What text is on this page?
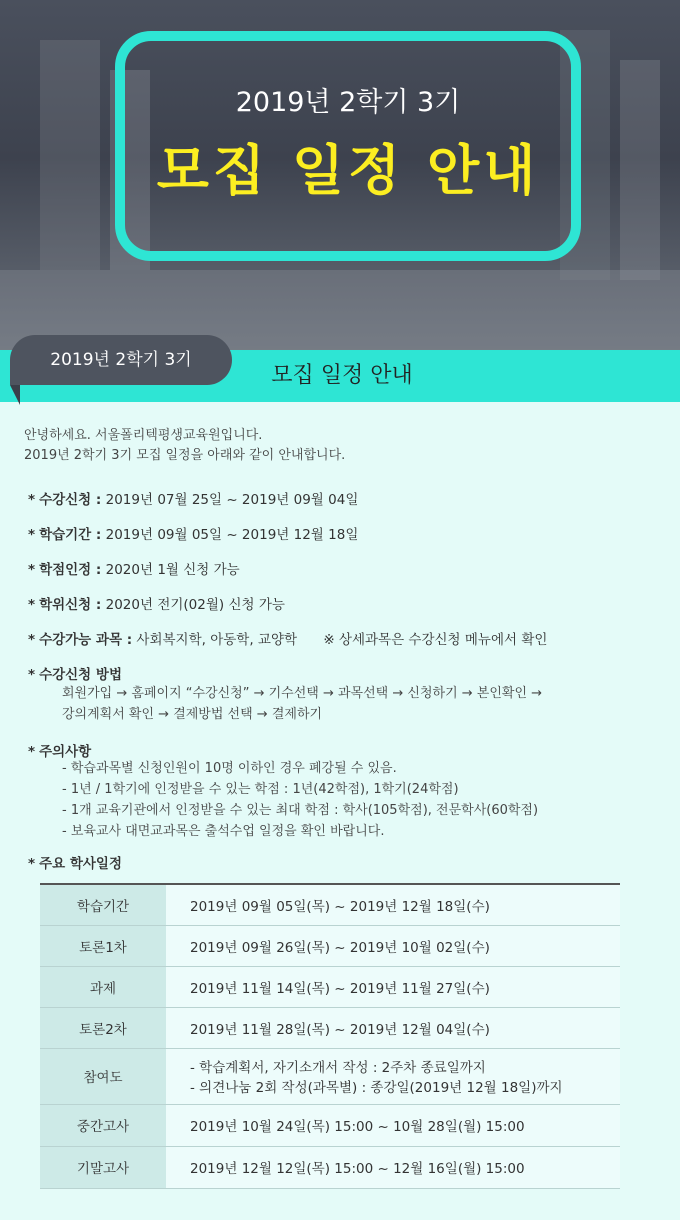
2019년 2학기 3기
모집 일정 안내
2019년 2학기 3기
모집 일정 안내
안녕하세요. 서울폴리텍평생교육원입니다.
2019년 2학기 3기 모집 일정을 아래와 같이 안내합니다.
* 수강신청 : 2019년 07월 25일 ~ 2019년 09월 04일
* 학습기간 : 2019년 09월 05일 ~ 2019년 12월 18일
* 학점인정 : 2020년 1월 신청 가능
* 학위신청 : 2020년 전기(02월) 신청 가능
* 수강가능 과목 : 사회복지학, 아동학, 교양학 ※ 상세과목은 수강신청 메뉴에서 확인
* 수강신청 방법
회원가입 → 홈페이지 “수강신청” → 기수선택 → 과목선택 → 신청하기 → 본인확인 →
강의계획서 확인 → 결제방법 선택 → 결제하기
* 주의사항
- 학습과목별 신청인원이 10명 이하인 경우 폐강될 수 있음.
- 1년 / 1학기에 인정받을 수 있는 학점 : 1년(42학점), 1학기(24학점)
- 1개 교육기관에서 인정받을 수 있는 최대 학점 : 학사(105학점), 전문학사(60학점)
- 보육교사 대면교과목은 출석수업 일정을 확인 바랍니다.
* 주요 학사일정
학습기간	2019년 09월 05일(목) ~ 2019년 12월 18일(수)
토론1차	2019년 09월 26일(목) ~ 2019년 10월 02일(수)
과제	2019년 11월 14일(목) ~ 2019년 11월 27일(수)
토론2차	2019년 11월 28일(목) ~ 2019년 12월 04일(수)
참여도	- 학습계획서, 자기소개서 작성 : 2주차 종료일까지
- 의견나눔 2회 작성(과목별) : 종강일(2019년 12월 18일)까지

중간고사	2019년 10월 24일(목) 15:00 ~ 10월 28일(월) 15:00
기말고사	2019년 12월 12일(목) 15:00 ~ 12월 16일(월) 15:00
